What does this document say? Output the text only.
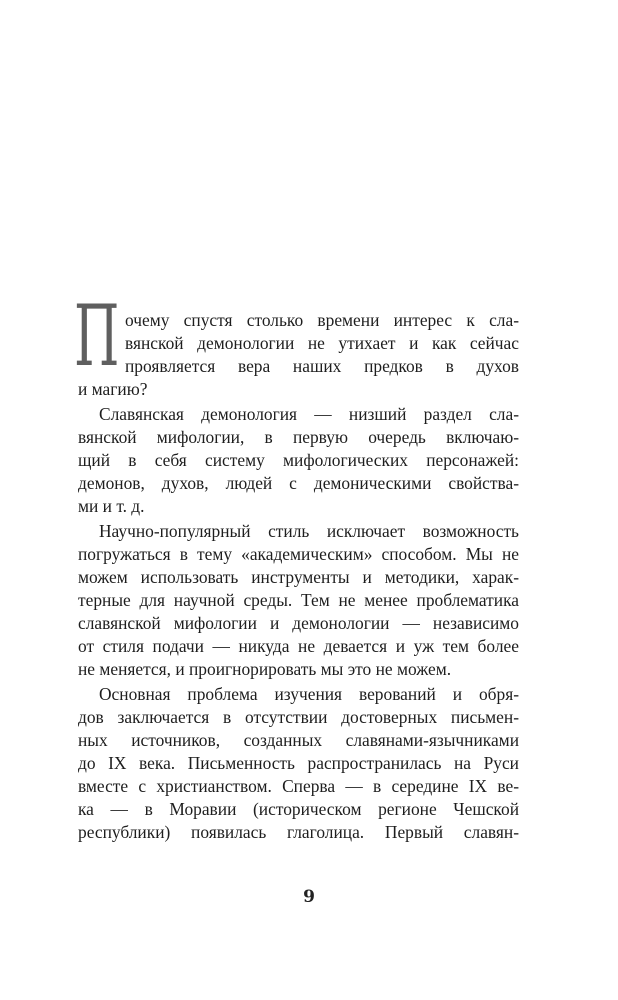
П очему спустя столько времени интерес к сла-
вянской демонологии не утихает и как сейчас
проявляется вера наших предков в духов
и магию?
Славянская демонология — низший раздел сла-
вянской мифологии, в первую очередь включаю-
щий в себя систему мифологических персонажей:
демонов, духов, людей с демоническими свойства-
ми и т. д.
Научно-популярный стиль исключает возможность
погружаться в тему «академическим» способом. Мы не
можем использовать инструменты и методики, харак-
терные для научной среды. Тем не менее проблематика
славянской мифологии и демонологии — независимо
от стиля подачи — никуда не девается и уж тем более
не меняется, и проигнорировать мы это не можем.
Основная проблема изучения верований и обря-
дов заключается в отсутствии достоверных письмен-
ных источников, созданных славянами-язычниками
до IX века. Письменность распространилась на Руси
вместе с христианством. Сперва — в середине IX ве-
ка — в Моравии (историческом регионе Чешской
республики) появилась глаголица. Первый славян-
9
